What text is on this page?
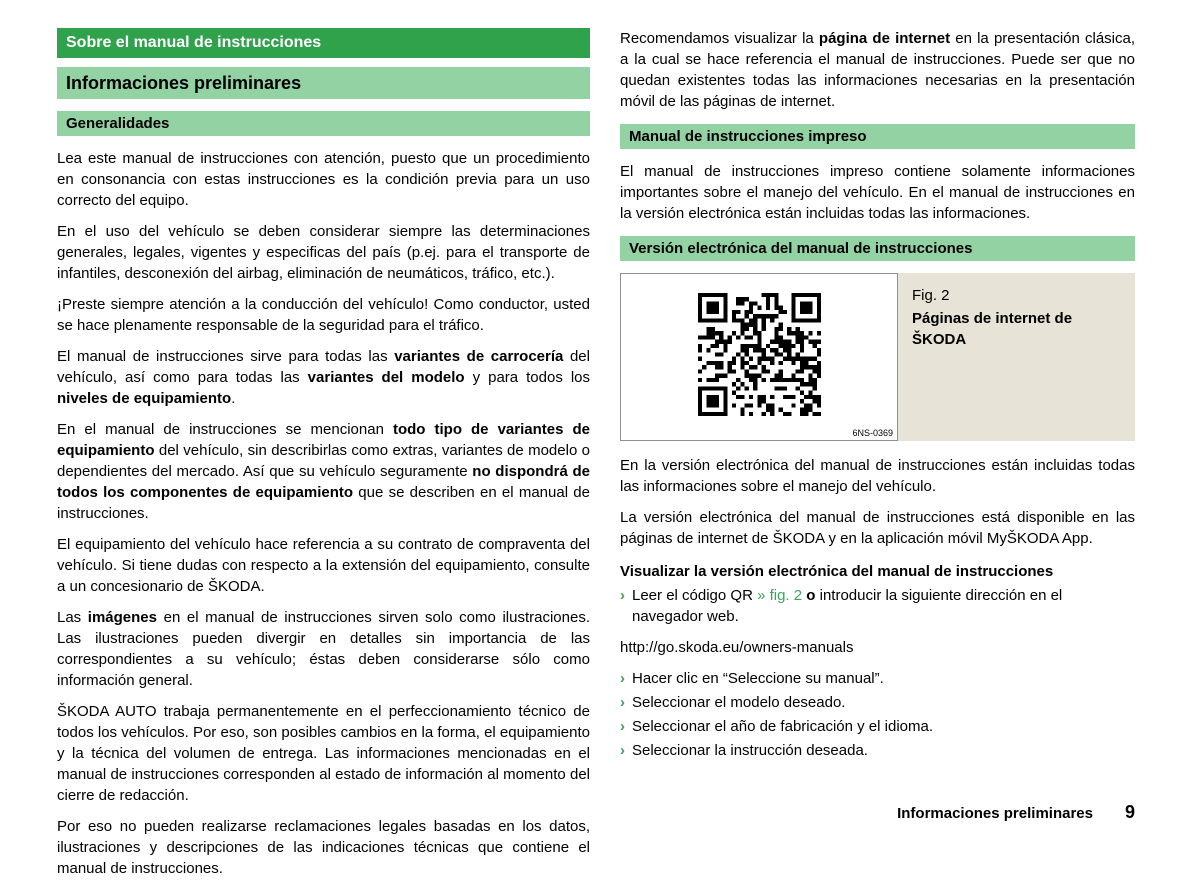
Sobre el manual de instrucciones
Informaciones preliminares
Generalidades

Lea este manual de instrucciones con atención, puesto que un procedimiento en consonancia con estas instrucciones es la condición previa para un uso correcto del equipo.

En el uso del vehículo se deben considerar siempre las determinaciones generales, legales, vigentes y especificas del país (p.ej. para el transporte de infantiles, desconexión del airbag, eliminación de neumáticos, tráfico, etc.).

¡Preste siempre atención a la conducción del vehículo! Como conductor, usted se hace plenamente responsable de la seguridad para el tráfico.

El manual de instrucciones sirve para todas las variantes de carrocería del vehículo, así como para todas las variantes del modelo y para todos los niveles de equipamiento.

En el manual de instrucciones se mencionan todo tipo de variantes de equipamiento del vehículo, sin describirlas como extras, variantes de modelo o dependientes del mercado. Así que su vehículo seguramente no dispondrá de todos los componentes de equipamiento que se describen en el manual de instrucciones.

El equipamiento del vehículo hace referencia a su contrato de compraventa del vehículo. Si tiene dudas con respecto a la extensión del equipamiento, consulte a un concesionario de ŠKODA.

Las imágenes en el manual de instrucciones sirven solo como ilustraciones. Las ilustraciones pueden divergir en detalles sin importancia de las correspondientes a su vehículo; éstas deben considerarse sólo como información general.

ŠKODA AUTO trabaja permanentemente en el perfeccionamiento técnico de todos los vehículos. Por eso, son posibles cambios en la forma, el equipamiento y la técnica del volumen de entrega. Las informaciones mencionadas en el manual de instrucciones corresponden al estado de información al momento del cierre de redacción.

Por eso no pueden realizarse reclamaciones legales basadas en los datos, ilustraciones y descripciones de las indicaciones técnicas que contiene el manual de instrucciones.

Recomendamos visualizar la página de internet en la presentación clásica, a la cual se hace referencia el manual de instrucciones. Puede ser que no quedan existentes todas las informaciones necesarias en la presentación móvil de las páginas de internet.

Manual de instrucciones impreso

El manual de instrucciones impreso contiene solamente informaciones importantes sobre el manejo del vehículo. En el manual de instrucciones en la versión electrónica están incluidas todas las informaciones.

Versión electrónica del manual de instrucciones
6NS-0369
Fig. 2
Páginas de internet de ŠKODA

En la versión electrónica del manual de instrucciones están incluidas todas las informaciones sobre el manejo del vehículo.

La versión electrónica del manual de instrucciones está disponible en las páginas de internet de ŠKODA y en la aplicación móvil MyŠKODA App.

Visualizar la versión electrónica del manual de instrucciones
› Leer el código QR » fig. 2 o introducir la siguiente dirección en el navegador web.

http://go.skoda.eu/owners-manuals

› Hacer clic en “Seleccione su manual”.
› Seleccionar el modelo deseado.
› Seleccionar el año de fabricación y el idioma.
› Seleccionar la instrucción deseada.
Informaciones preliminares 9
